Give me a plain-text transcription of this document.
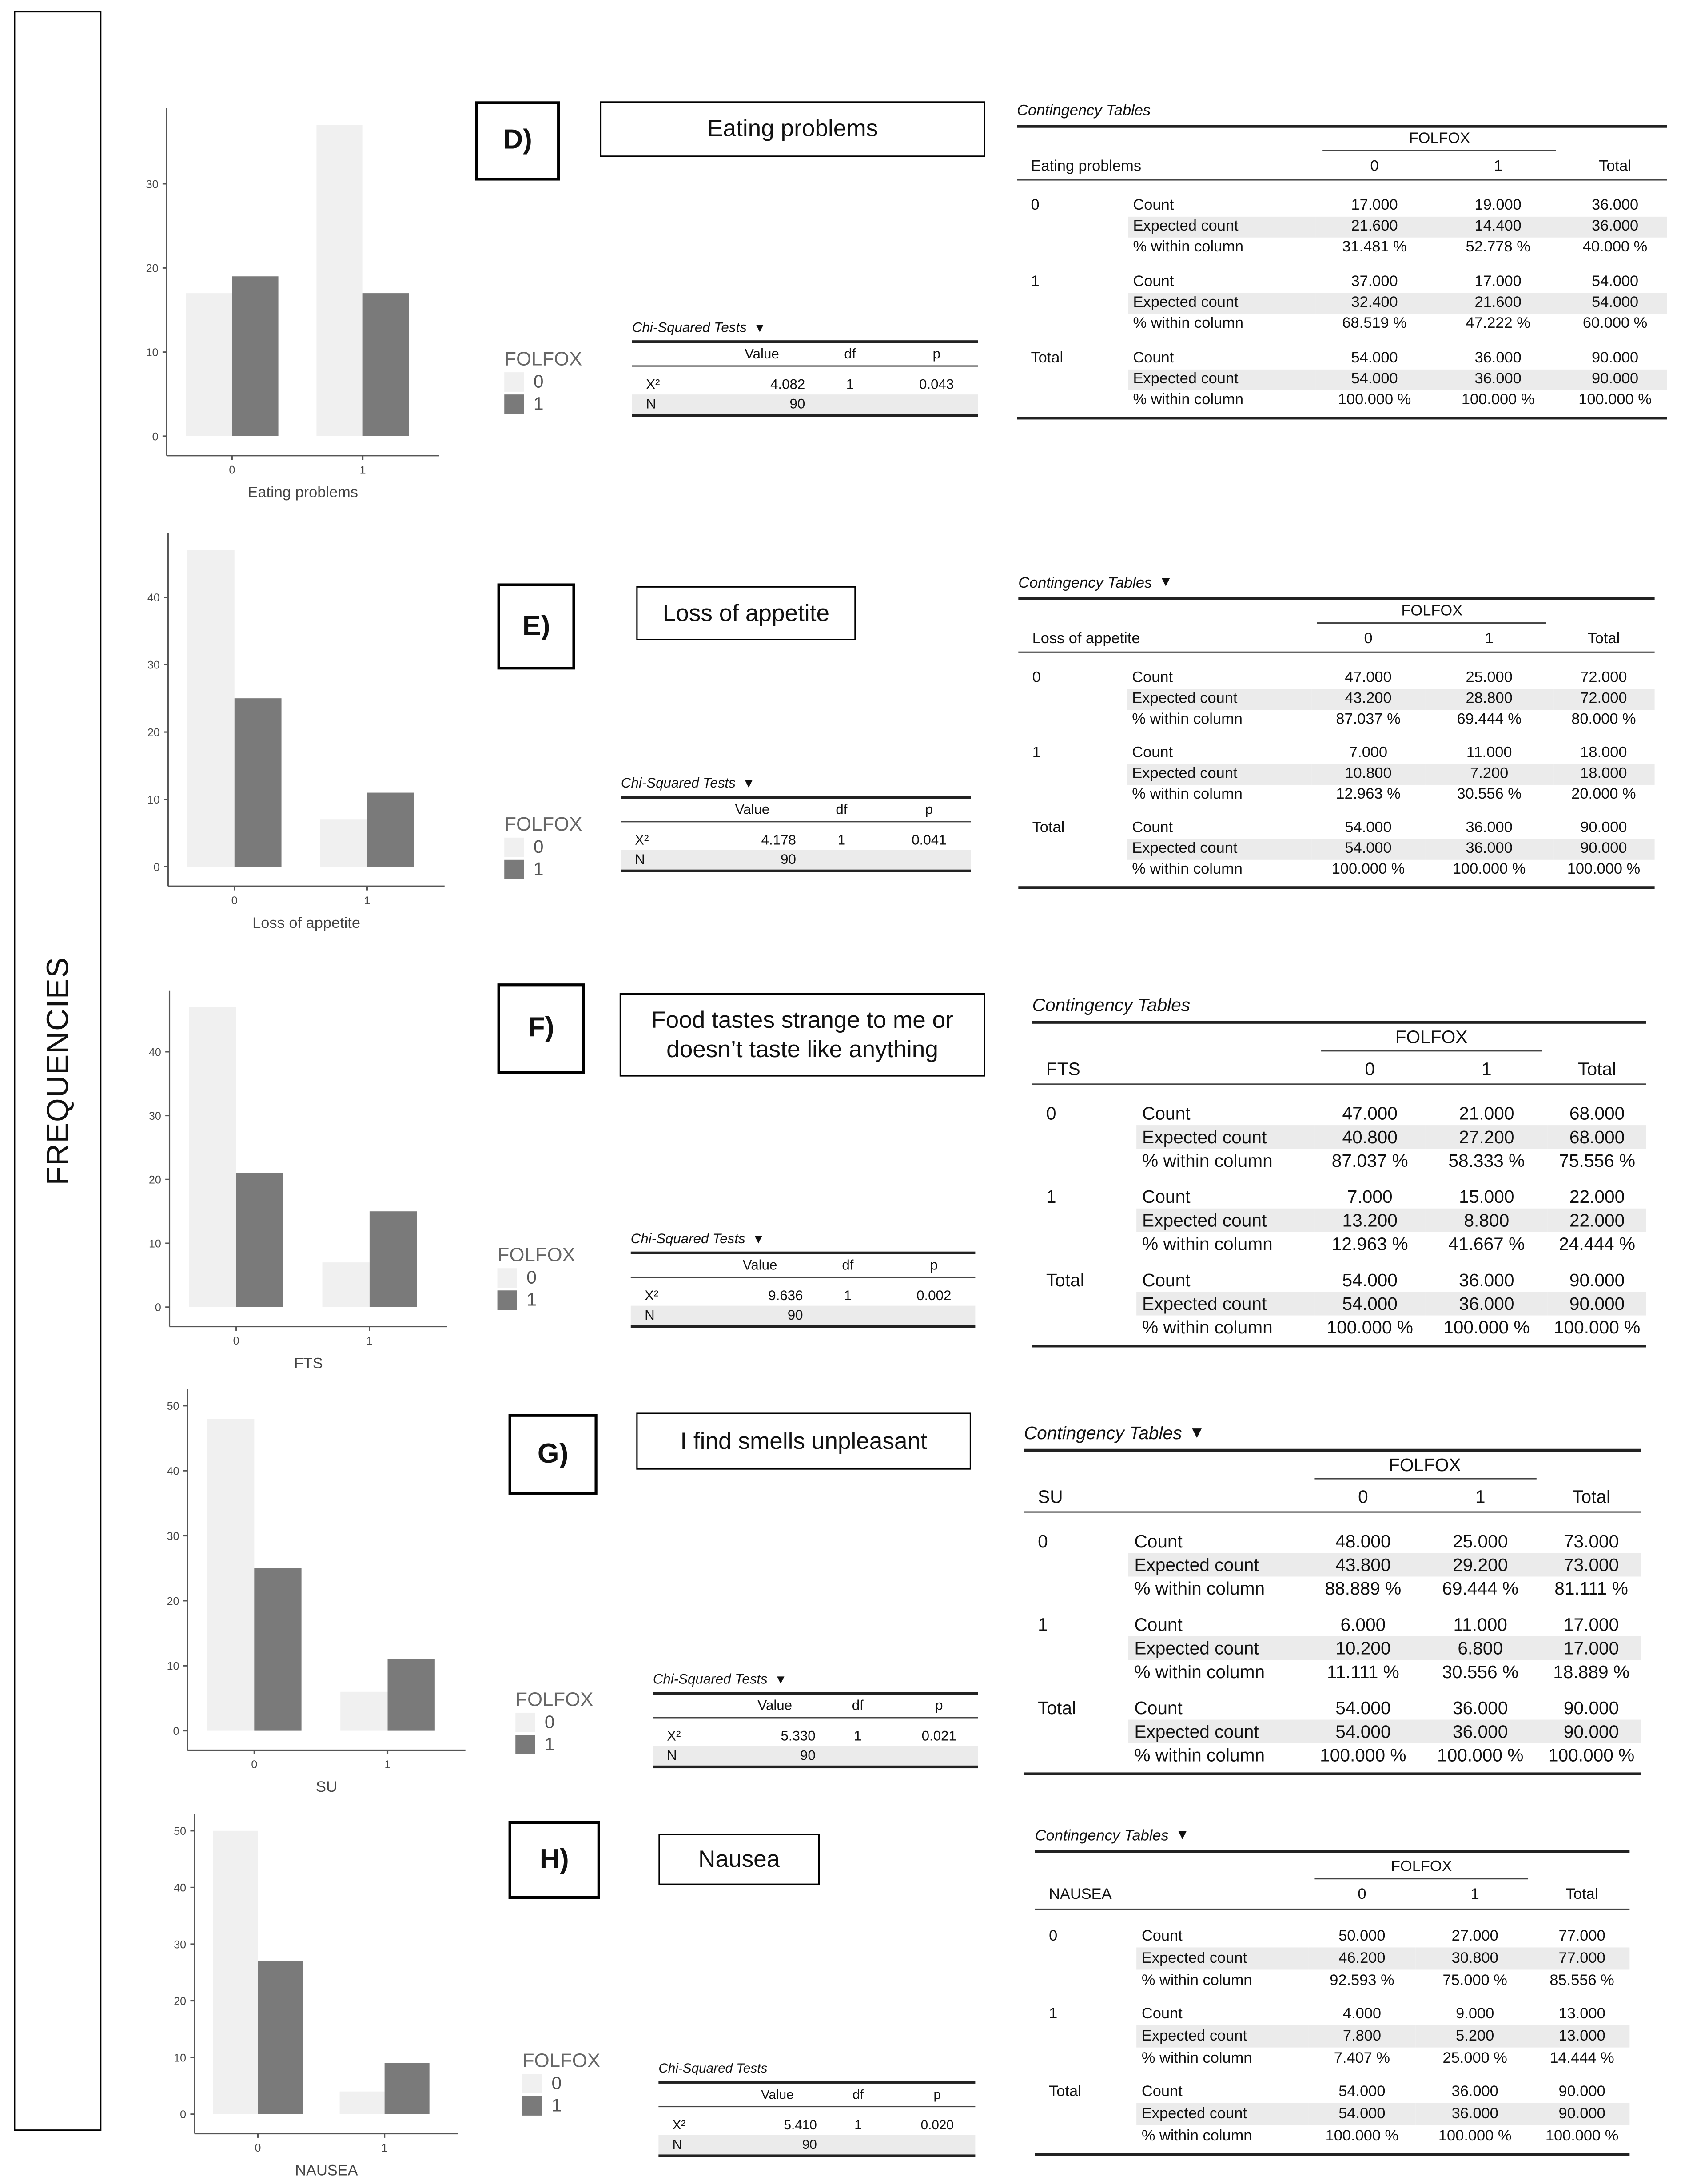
FREQUENCIES
0
10
20
30
0	1
Eating problems
FOLFOX
0
1
D)	Eating problems
Chi-Squared Tests ▼
Value	df	p
Χ²	4.082	1	0.043
N	90
Contingency Tables
FOLFOX
Eating problems	0	1	Total
0	Count	17.000	19.000	36.000
Expected count	21.600	14.400	36.000
% within column	31.481 %	52.778 %	40.000 %
1	Count	37.000	17.000	54.000
Expected count	32.400	21.600	54.000
% within column	68.519 %	47.222 %	60.000 %
Total	Count	54.000	36.000	90.000
Expected count	54.000	36.000	90.000
% within column	100.000 %	100.000 %	100.000 %
0
10
20
30
40
0	1
Loss of appetite
FOLFOX
0
1
E)	Loss of appetite
Chi-Squared Tests ▼
Value	df	p
Χ²	4.178	1	0.041
N	90
Contingency Tables ▼
FOLFOX
Loss of appetite	0	1	Total
0	Count	47.000	25.000	72.000
Expected count	43.200	28.800	72.000
% within column	87.037 %	69.444 %	80.000 %
1	Count	7.000	11.000	18.000
Expected count	10.800	7.200	18.000
% within column	12.963 %	30.556 %	20.000 %
Total	Count	54.000	36.000	90.000
Expected count	54.000	36.000	90.000
% within column	100.000 %	100.000 %	100.000 %
0
10
20
30
40
0	1
FTS
FOLFOX
0
1
F)	Food tastes strange to me or doesn’t taste like anything
Chi-Squared Tests ▼
Value	df	p
Χ²	9.636	1	0.002
N	90
Contingency Tables
FOLFOX
FTS	0	1	Total
0	Count	47.000	21.000	68.000
Expected count	40.800	27.200	68.000
% within column	87.037 %	58.333 %	75.556 %
1	Count	7.000	15.000	22.000
Expected count	13.200	8.800	22.000
% within column	12.963 %	41.667 %	24.444 %
Total	Count	54.000	36.000	90.000
Expected count	54.000	36.000	90.000
% within column	100.000 %	100.000 %	100.000 %
0
10
20
30
40
50
0	1
SU
FOLFOX
0
1
G)	I find smells unpleasant
Chi-Squared Tests ▼
Value	df	p
Χ²	5.330	1	0.021
N	90
Contingency Tables ▼
FOLFOX
SU	0	1	Total
0	Count	48.000	25.000	73.000
Expected count	43.800	29.200	73.000
% within column	88.889 %	69.444 %	81.111 %
1	Count	6.000	11.000	17.000
Expected count	10.200	6.800	17.000
% within column	11.111 %	30.556 %	18.889 %
Total	Count	54.000	36.000	90.000
Expected count	54.000	36.000	90.000
% within column	100.000 %	100.000 %	100.000 %
0
10
20
30
40
50
0	1
NAUSEA
FOLFOX
0
1
H)	Nausea
Chi-Squared Tests
Value	df	p
Χ²	5.410	1	0.020
N	90
Contingency Tables ▼
FOLFOX
NAUSEA	0	1	Total
0	Count	50.000	27.000	77.000
Expected count	46.200	30.800	77.000
% within column	92.593 %	75.000 %	85.556 %
1	Count	4.000	9.000	13.000
Expected count	7.800	5.200	13.000
% within column	7.407 %	25.000 %	14.444 %
Total	Count	54.000	36.000	90.000
Expected count	54.000	36.000	90.000
% within column	100.000 %	100.000 %	100.000 %
